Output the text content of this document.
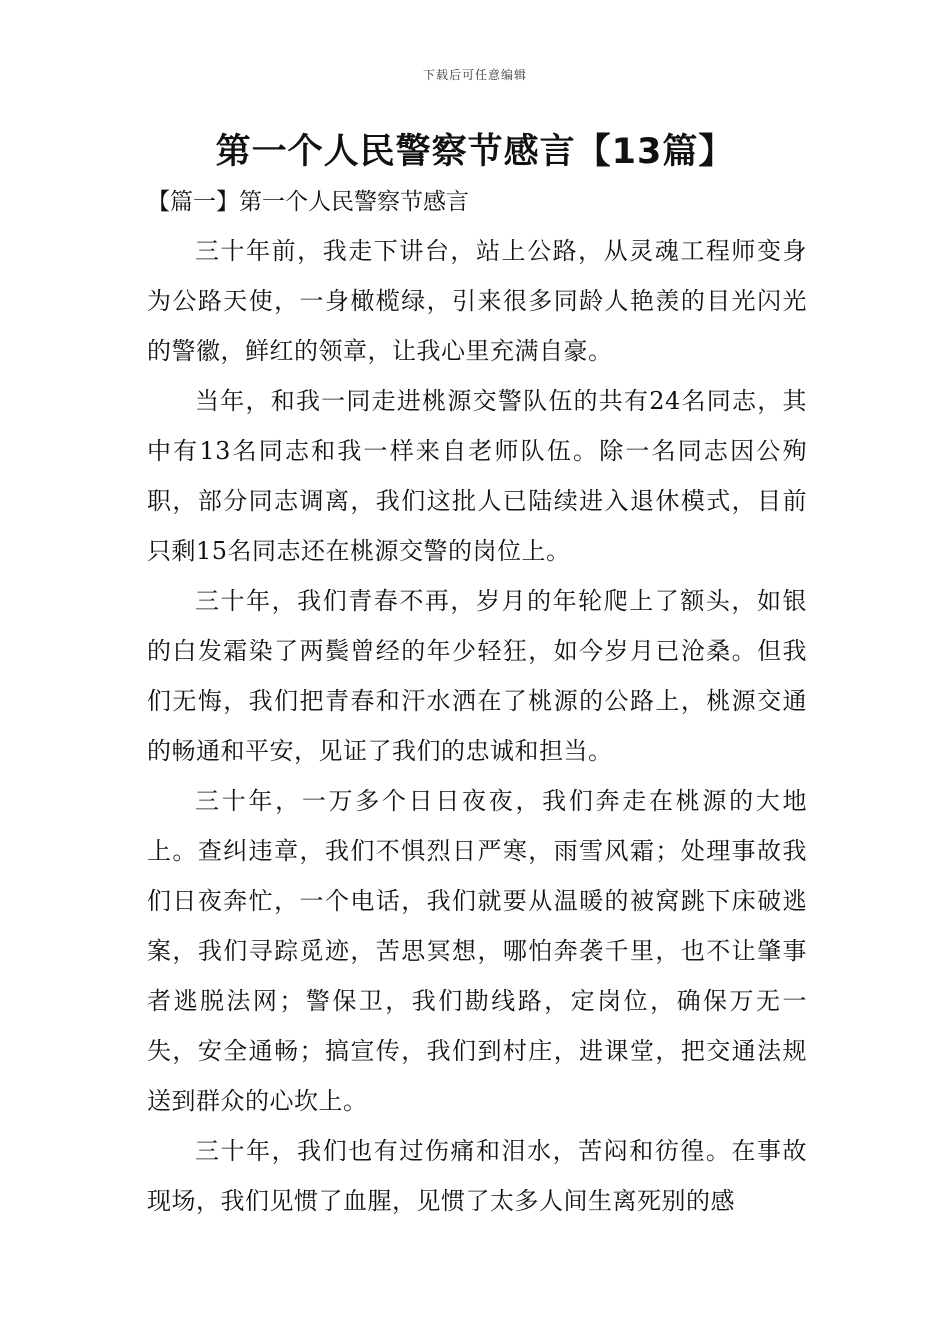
下载后可任意编辑
第一个人民警察节感言【13篇】
【篇一】第一个人民警察节感言

三十年前，我走下讲台，站上公路，从灵魂工程师变身为公路天使，一身橄榄绿，引来很多同龄人艳羡的目光闪光的警徽，鲜红的领章，让我心里充满自豪。

当年，和我一同走进桃源交警队伍的共有24名同志，其中有13名同志和我一样来自老师队伍。除一名同志因公殉职，部分同志调离，我们这批人已陆续进入退休模式，目前只剩15名同志还在桃源交警的岗位上。

三十年，我们青春不再，岁月的年轮爬上了额头，如银的白发霜染了两鬓曾经的年少轻狂，如今岁月已沧桑。但我们无悔，我们把青春和汗水洒在了桃源的公路上，桃源交通的畅通和平安，见证了我们的忠诚和担当。

三十年，一万多个日日夜夜，我们奔走在桃源的大地上。查纠违章，我们不惧烈日严寒，雨雪风霜；处理事故我们日夜奔忙，一个电话，我们就要从温暖的被窝跳下床破逃案，我们寻踪觅迹，苦思冥想，哪怕奔袭千里，也不让肇事者逃脱法网；警保卫，我们勘线路，定岗位，确保万无一失，安全通畅；搞宣传，我们到村庄，进课堂，把交通法规送到群众的心坎上。

三十年，我们也有过伤痛和泪水，苦闷和彷徨。在事故现场，我们见惯了血腥，见惯了太多人间生离死别的感
